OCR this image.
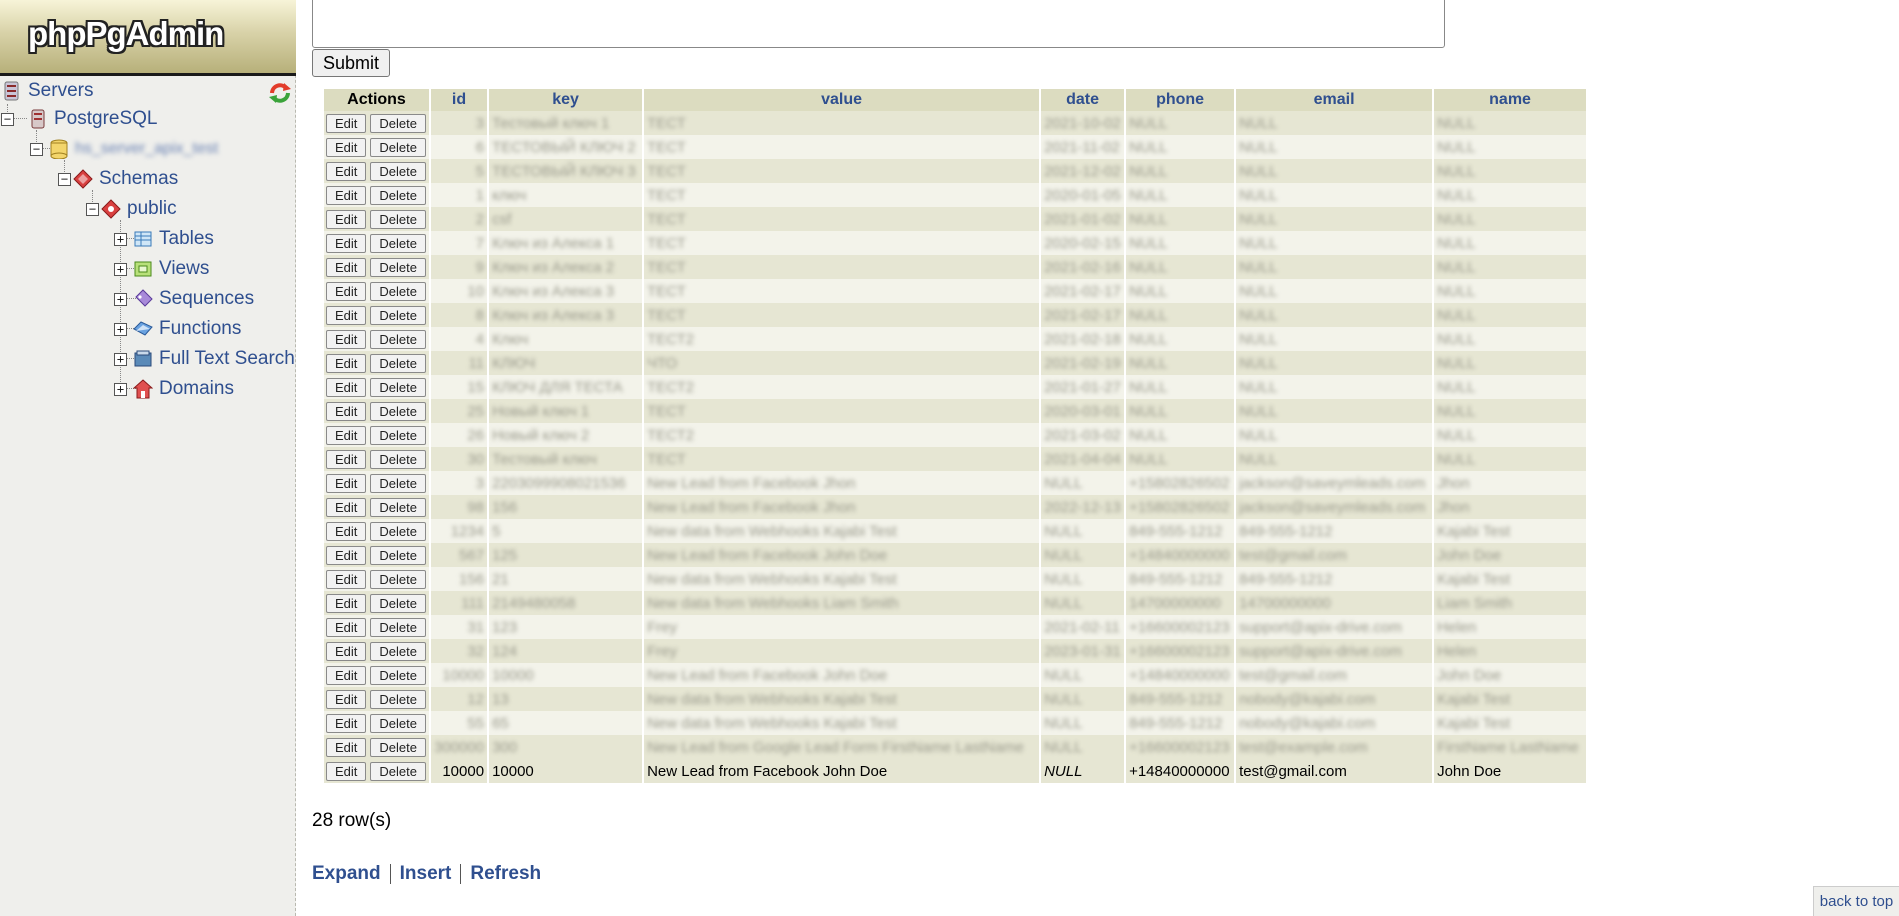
phpPgAdmin
Servers
− PostgreSQL
− hs_server_apix_test
− Schemas
− public
+ Tables
+ Views
+ Sequences
+ Functions
+ Full Text Search
+ Domains
Submit
Actions	id	key	value	date	phone	email	name
Edit Delete	3	Тестовый ключ 1	ТЕСТ	2021-10-02	NULL	NULL	NULL
Edit Delete	6	ТЕСТОВЫЙ КЛЮЧ 2	ТЕСТ	2021-11-02	NULL	NULL	NULL
Edit Delete	5	ТЕСТОВЫЙ КЛЮЧ 3	ТЕСТ	2021-12-02	NULL	NULL	NULL
Edit Delete	1	ключ	ТЕСТ	2020-01-05	NULL	NULL	NULL
Edit Delete	2	csf	ТЕСТ	2021-01-02	NULL	NULL	NULL
Edit Delete	7	Ключ из Алекса 1	ТЕСТ	2020-02-15	NULL	NULL	NULL
Edit Delete	9	Ключ из Алекса 2	ТЕСТ	2021-02-16	NULL	NULL	NULL
Edit Delete	10	Ключ из Алекса 3	ТЕСТ	2021-02-17	NULL	NULL	NULL
Edit Delete	8	Ключ из Алекса 3	ТЕСТ	2021-02-17	NULL	NULL	NULL
Edit Delete	4	Ключ	ТЕСТ2	2021-02-18	NULL	NULL	NULL
Edit Delete	11	КЛЮЧ	ЧТО	2021-02-19	NULL	NULL	NULL
Edit Delete	15	КЛЮЧ ДЛЯ ТЕСТА	ТЕСТ2	2021-01-27	NULL	NULL	NULL
Edit Delete	25	Новый ключ 1	ТЕСТ	2020-03-01	NULL	NULL	NULL
Edit Delete	26	Новый ключ 2	ТЕСТ2	2021-03-02	NULL	NULL	NULL
Edit Delete	30	Тестовый ключ	ТЕСТ	2021-04-04	NULL	NULL	NULL
Edit Delete	3	2203099908021536	New Lead from Facebook Jhon	NULL	+15802826502	jackson@saveymleads.com	Jhon
Edit Delete	98	156	New Lead from Facebook Jhon	2022-12-13	+15802826502	jackson@saveymleads.com	Jhon
Edit Delete	1234	5	New data from Webhooks Kajabi Test	NULL	849-555-1212	849-555-1212	Kajabi Test
Edit Delete	567	125	New Lead from Facebook John Doe	NULL	+14840000000	test@gmail.com	John Doe
Edit Delete	156	21	New data from Webhooks Kajabi Test	NULL	849-555-1212	849-555-1212	Kajabi Test
Edit Delete	111	2149480058	New data from Webhooks Liam Smith	NULL	14700000000	14700000000	Liam Smith
Edit Delete	31	123	Frey	2021-02-11	+16600002123	support@apix-drive.com	Helen
Edit Delete	32	124	Frey	2023-01-31	+16600002123	support@apix-drive.com	Helen
Edit Delete	10000	10000	New Lead from Facebook John Doe	NULL	+14840000000	test@gmail.com	John Doe
Edit Delete	12	13	New data from Webhooks Kajabi Test	NULL	849-555-1212	nobody@kajabi.com	Kajabi Test
Edit Delete	55	65	New data from Webhooks Kajabi Test	NULL	849-555-1212	nobody@kajabi.com	Kajabi Test
Edit Delete	300000	300	New Lead from Google Lead Form FirstName LastName	NULL	+16600002123	test@example.com	FirstName LastName
Edit Delete	10000	10000	New Lead from Facebook John Doe	NULL	+14840000000	test@gmail.com	John Doe
28 row(s)
Expand Insert Refresh
back to top
